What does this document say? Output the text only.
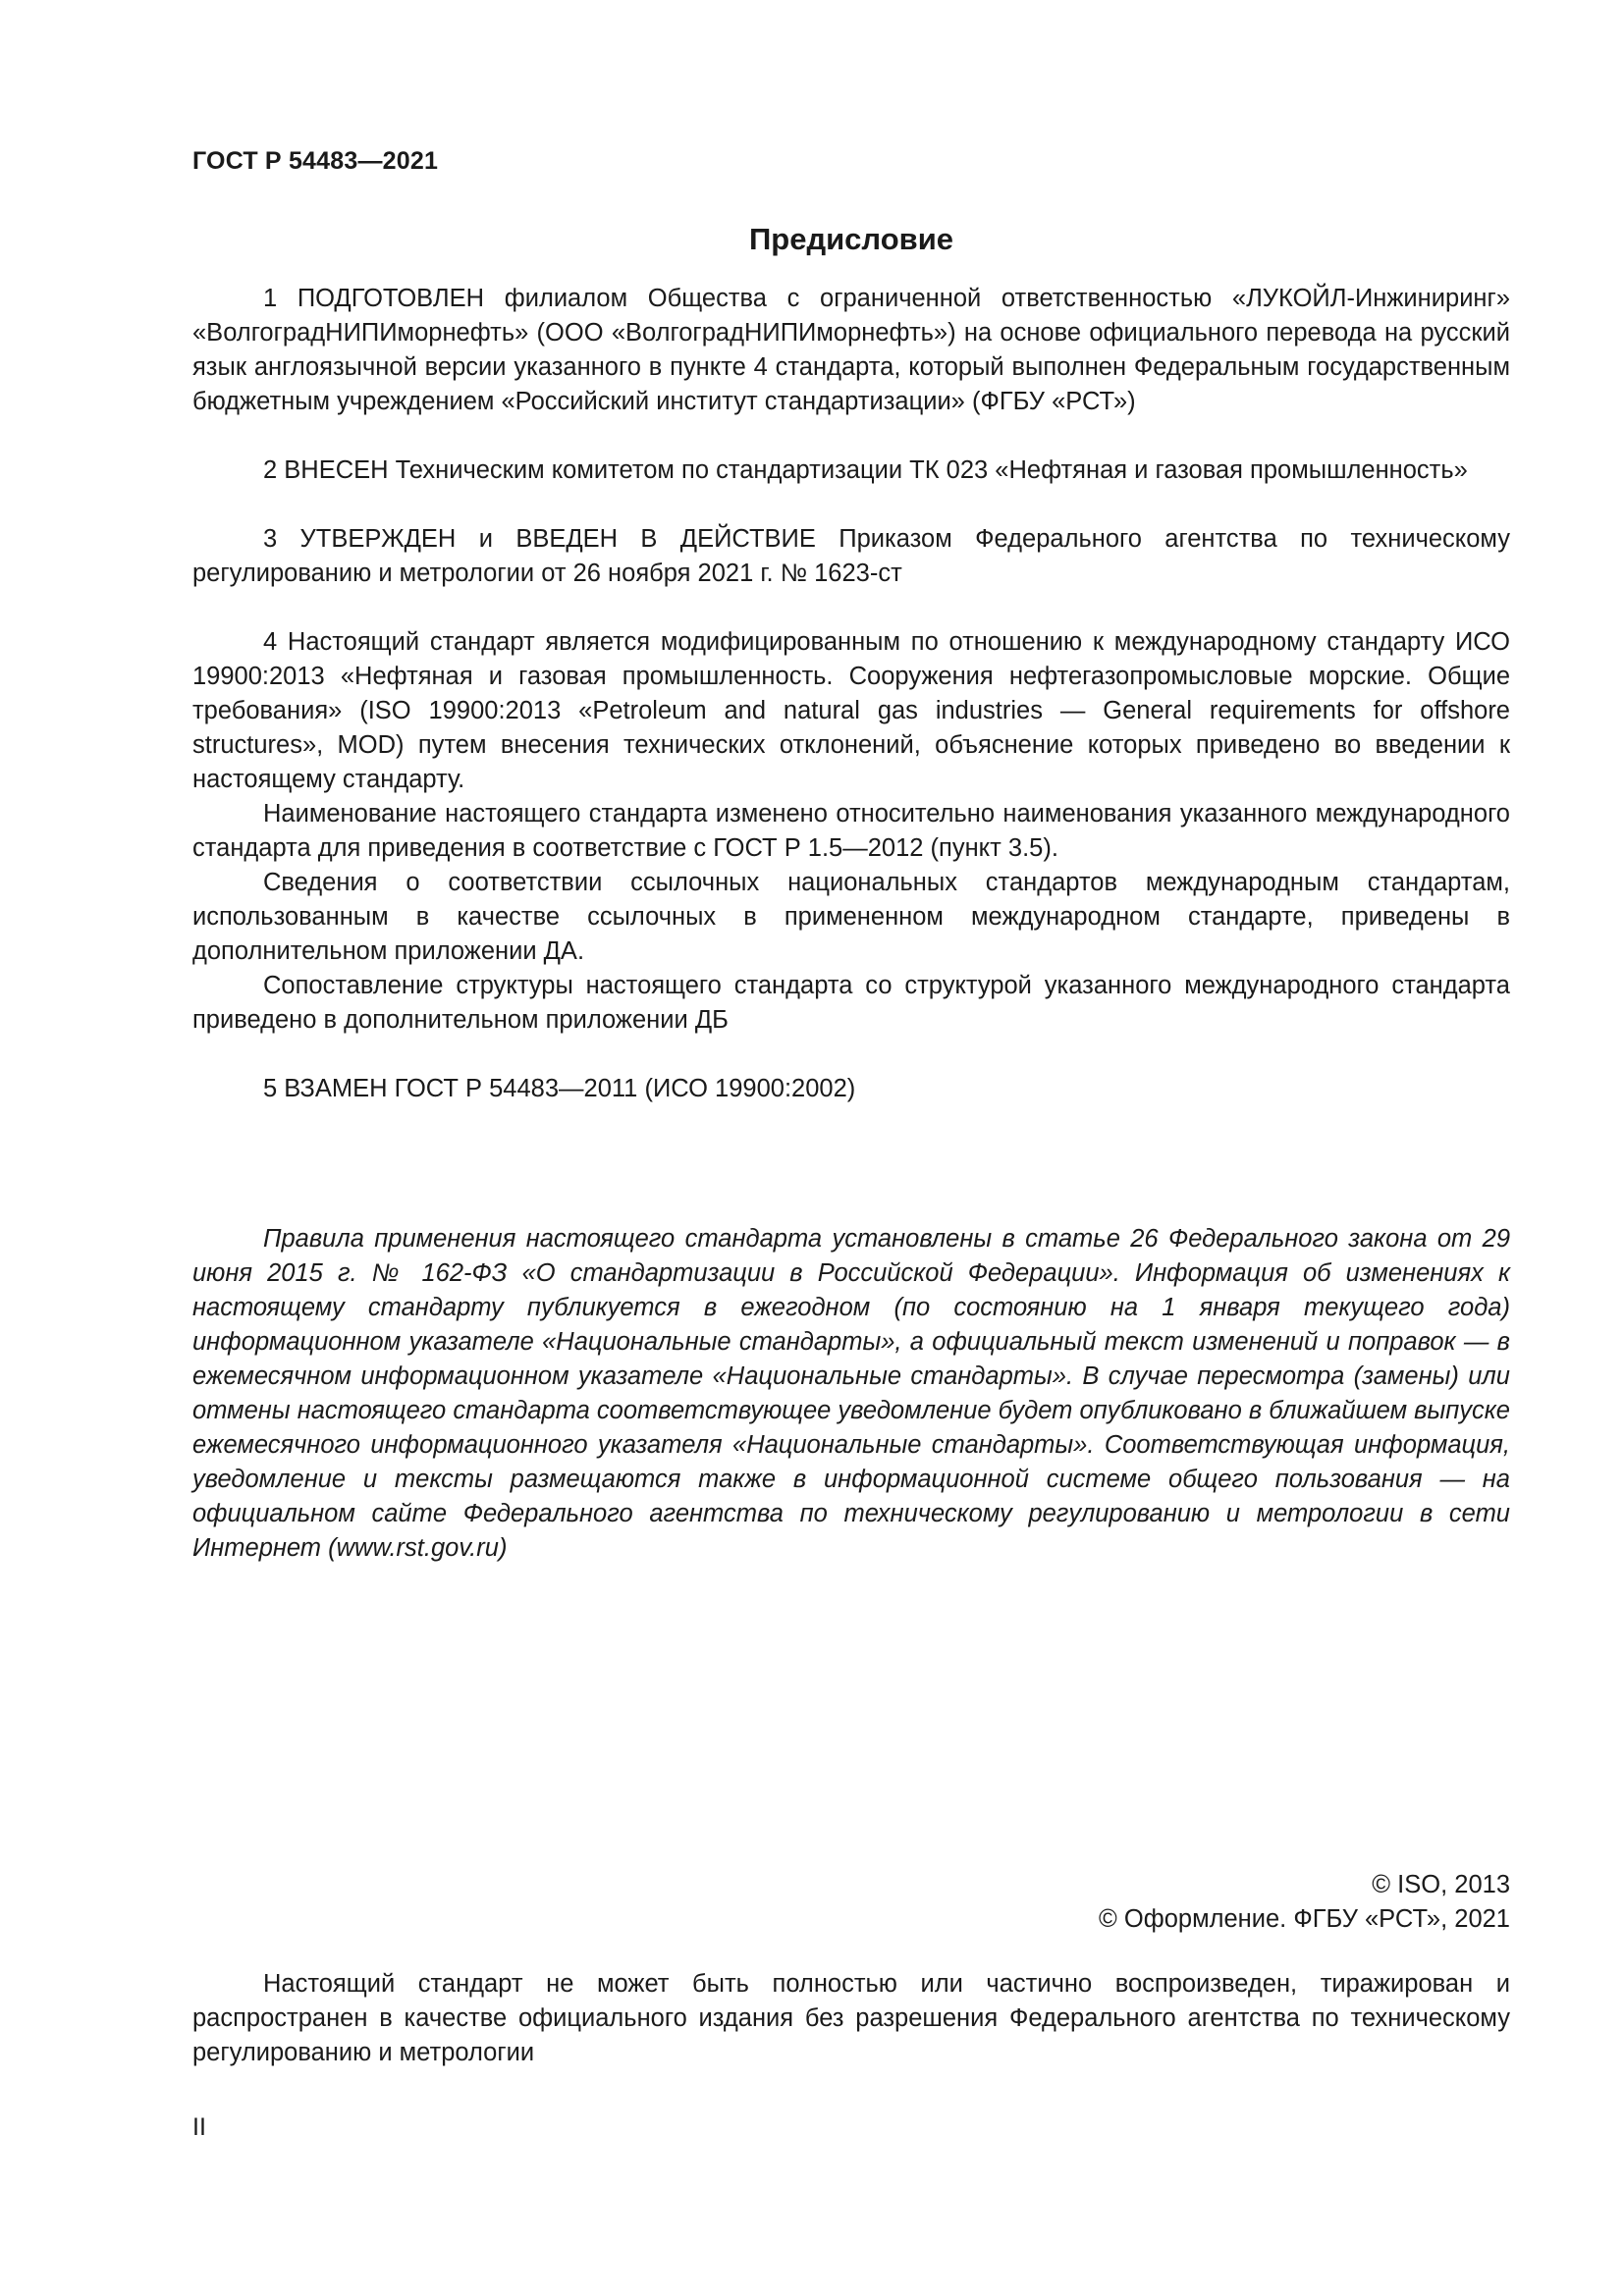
ГОСТ Р 54483—2021
Предисловие

1 ПОДГОТОВЛЕН филиалом Общества с ограниченной ответственностью «ЛУКОЙЛ-Инжиниринг» «ВолгоградНИПИморнефть» (ООО «ВолгоградНИПИморнефть») на основе официального перевода на русский язык англоязычной версии указанного в пункте 4 стандарта, который выполнен Федеральным государственным бюджетным учреждением «Российский институт стандартизации» (ФГБУ «РСТ»)

2 ВНЕСЕН Техническим комитетом по стандартизации ТК 023 «Нефтяная и газовая промышленность»

3 УТВЕРЖДЕН и ВВЕДЕН В ДЕЙСТВИЕ Приказом Федерального агентства по техническому регулированию и метрологии от 26 ноября 2021 г. № 1623-ст

4 Настоящий стандарт является модифицированным по отношению к международному стандарту ИСО 19900:2013 «Нефтяная и газовая промышленность. Сооружения нефтегазопромысловые морские. Общие требования» (ISO 19900:2013 «Petroleum and natural gas industries — General requirements for offshore structures», MOD) путем внесения технических отклонений, объяснение которых приведено во введении к настоящему стандарту.

Наименование настоящего стандарта изменено относительно наименования указанного международного стандарта для приведения в соответствие с ГОСТ Р 1.5—2012 (пункт 3.5).

Сведения о соответствии ссылочных национальных стандартов международным стандартам, использованным в качестве ссылочных в примененном международном стандарте, приведены в дополнительном приложении ДА.

Сопоставление структуры настоящего стандарта со структурой указанного международного стандарта приведено в дополнительном приложении ДБ

5 ВЗАМЕН ГОСТ Р 54483—2011 (ИСО 19900:2002)

Правила применения настоящего стандарта установлены в статье 26 Федерального закона от 29 июня 2015 г. № 162-ФЗ «О стандартизации в Российской Федерации». Информация об изменениях к настоящему стандарту публикуется в ежегодном (по состоянию на 1 января текущего года) информационном указателе «Национальные стандарты», а официальный текст изменений и поправок — в ежемесячном информационном указателе «Национальные стандарты». В случае пересмотра (замены) или отмены настоящего стандарта соответствующее уведомление будет опубликовано в ближайшем выпуске ежемесячного информационного указателя «Национальные стандарты». Соответствующая информация, уведомление и тексты размещаются также в информационной системе общего пользования — на официальном сайте Федерального агентства по техническому регулированию и метрологии в сети Интернет (www.rst.gov.ru)

© ISO, 2013
© Оформление. ФГБУ «РСТ», 2021

Настоящий стандарт не может быть полностью или частично воспроизведен, тиражирован и распространен в качестве официального издания без разрешения Федерального агентства по техническому регулированию и метрологии

II
